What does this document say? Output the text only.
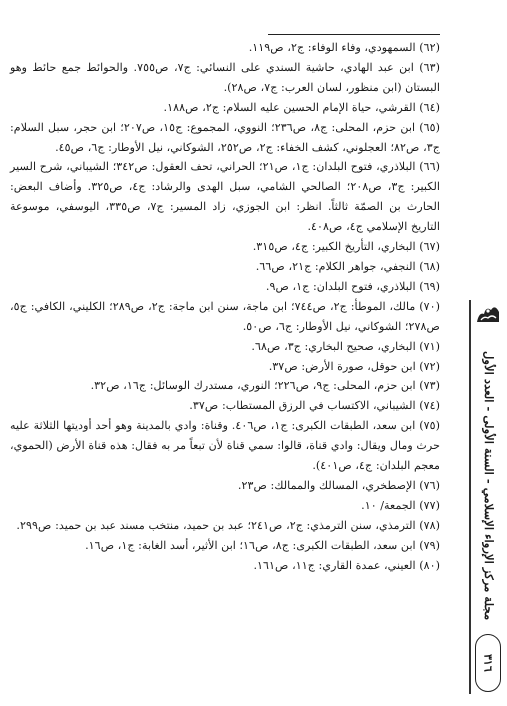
(٦٢) السمهودي، وفاء الوفاء: ج٢، ص١١٩.

(٦٣) ابن عبد الهادي، حاشية السندي على النسائي: ج٧، ص٧٥٥. والحوائط جمع حائط وهو البستان (ابن منظور، لسان العرب: ج٧، ص٢٨).

(٦٤) القرشي، حياة الإمام الحسين عليه السلام: ج٢، ص١٨٨.

(٦٥) ابن حزم، المحلى: ج٨، ص٢٣٦؛ النووي، المجموع: ج١٥، ص٢٠٧؛ ابن حجر، سبل السلام: ج٣، ص٨٢؛ العجلوني، كشف الخفاء: ج٢، ص٢٥٢، الشوكاني، نيل الأوطار: ج٦، ص٤٥.

(٦٦) البلاذري، فتوح البلدان: ج١، ص٢١؛ الحراني، تحف العقول: ص٣٤٢؛ الشيباني، شرح السير الكبير: ج٣، ص٢٠٨؛ الصالحي الشامي، سبل الهدى والرشاد: ج٤، ص٣٢٥. وأضاف البعض: الحارث بن الصمّة ثالثاً. انظر: ابن الجوزي، زاد المسير: ج٧، ص٣٣٥، اليوسفي، موسوعة التاريخ الإسلامي ج٤، ص٤٠٨.

(٦٧) البخاري، التأريخ الكبير: ج٤، ص٣١٥.

(٦٨) النجفي، جواهر الكلام: ج٢١، ص٦٦.

(٦٩) البلاذري، فتوح البلدان: ج١، ص٩.

(٧٠) مالك، الموطأ: ج٢، ص٧٤٤؛ ابن ماجة، سنن ابن ماجة: ج٢، ص٢٨٩؛ الكليني، الكافي: ج٥، ص٢٧٨؛ الشوكاني، نيل الأوطار: ج٦، ص٥٠.

(٧١) البخاري، صحيح البخاري: ج٣، ص٦٨.

(٧٢) ابن حوقل، صورة الأرض: ص٣٧.

(٧٣) ابن حزم، المحلى: ج٩، ص٢٢٦؛ النوري، مستدرك الوسائل: ج١٦، ص٣٢.

(٧٤) الشيباني، الاكتساب في الرزق المستطاب: ص٣٧.

(٧٥) ابن سعد، الطبقات الكبرى: ج١، ص٤٠٦. وقناة: وادي بالمدينة وهو أحد أوديتها الثلاثة عليه حرث ومال ويقال: وادي قناة، قالوا: سمي قناة لأن تبعاً مر به فقال: هذه قناة الأرض (الحموي، معجم البلدان: ج٤، ص٤٠١).

(٧٦) الإصطخري، المسالك والممالك: ص٢٣.

(٧٧) الجمعة/ ١٠.

(٧٨) الترمذي، سنن الترمذي: ج٢، ص٢٤١؛ عبد بن حميد، منتخب مسند عبد بن حميد: ص٢٩٩.

(٧٩) ابن سعد، الطبقات الكبرى: ج٨، ص١٦؛ ابن الأثير، أسد الغابة: ج١، ص١٦.

(٨٠) العيني، عمدة القاري: ج١١، ص١٦١.	مجلة مركز الإرواء الإسلامي - السنة الأولى - العدد الأول
٣١٦
